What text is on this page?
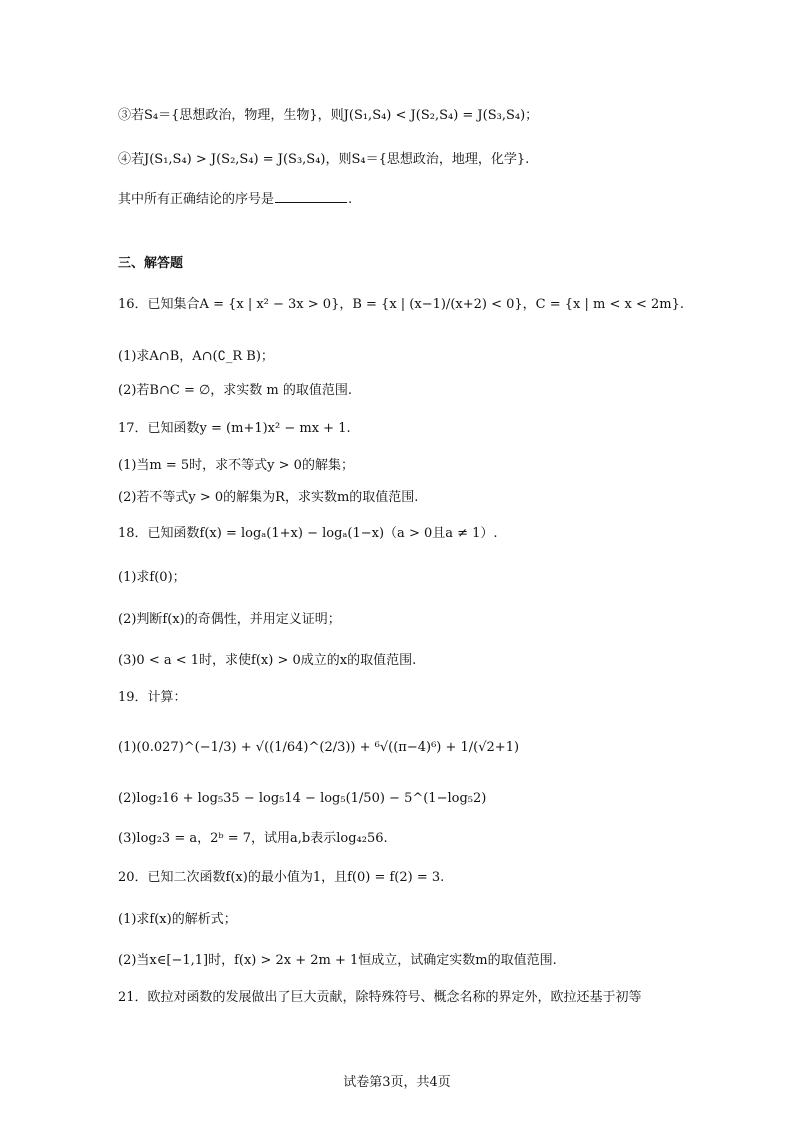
③若S₄＝{思想政治，物理，生物}，则J(S₁,S₄) < J(S₂,S₄) = J(S₃,S₄)；
④若J(S₁,S₄) > J(S₂,S₄) = J(S₃,S₄)，则S₄＝{思想政治，地理，化学}.
其中所有正确结论的序号是	.
三、解答题
16．已知集合A = {x | x² − 3x > 0}，B = {x | (x−1)/(x+2) < 0}，C = {x | m < x < 2m}.
(1)求A∩B，A∩(∁_R B)；
(2)若B∩C = ∅，求实数 m 的取值范围.
17．已知函数y = (m+1)x² − mx + 1.
(1)当m = 5时，求不等式y > 0的解集；
(2)若不等式y > 0的解集为R，求实数m的取值范围.
18．已知函数f(x) = logₐ(1+x) − logₐ(1−x)（a > 0且a ≠ 1）.
(1)求f(0)；
(2)判断f(x)的奇偶性，并用定义证明；
(3)0 < a < 1时，求使f(x) > 0成立的x的取值范围.
19．计算：
(1)(0.027)^(−1/3) + √((1/64)^(2/3)) + ⁶√((π−4)⁶) + 1/(√2+1)
(2)log₂16 + log₅35 − log₅14 − log₅(1/50) − 5^(1−log₅2)
(3)log₂3 = a，2ᵇ = 7，试用a,b表示log₄₂56.
20．已知二次函数f(x)的最小值为1，且f(0) = f(2) = 3.
(1)求f(x)的解析式；
(2)当x∈[−1,1]时，f(x) > 2x + 2m + 1恒成立，试确定实数m的取值范围.
21．欧拉对函数的发展做出了巨大贡献，除特殊符号、概念名称的界定外，欧拉还基于初等
试卷第3页，共4页
